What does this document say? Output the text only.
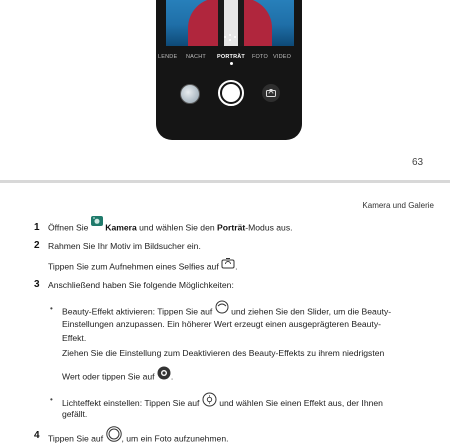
LENDE NACHT PORTRÄT FOTO VIDEO
63
Kamera und Galerie
1 Öffnen Sie Kamera und wählen Sie den Porträt-Modus aus.
2 Rahmen Sie Ihr Motiv im Bildsucher ein.
Tippen Sie zum Aufnehmen eines Selfies auf .
3 Anschließend haben Sie folgende Möglichkeiten:
• Beauty-Effekt aktivieren: Tippen Sie auf und ziehen Sie den Slider, um die Beauty-
Einstellungen anzupassen. Ein höherer Wert erzeugt einen ausgeprägteren Beauty-
Effekt.
Ziehen Sie die Einstellung zum Deaktivieren des Beauty-Effekts zu ihrem niedrigsten
Wert oder tippen Sie auf .
• Lichteffekt einstellen: Tippen Sie auf und wählen Sie einen Effekt aus, der Ihnen
gefällt.
4 Tippen Sie auf , um ein Foto aufzunehmen.
